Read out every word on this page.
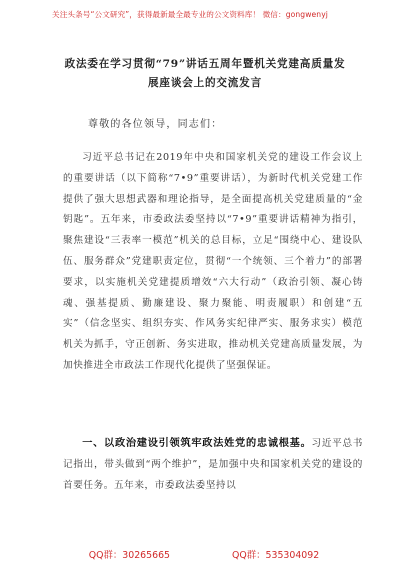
关注头条号“公文研究”，获得最新最全最专业的公文资料库！ 微信：gongwenyj
政法委在学习贯彻“79”讲话五周年暨机关党建高质量发展座谈会上的交流发言
尊敬的各位领导，同志们：

习近平总书记在2019年中央和国家机关党的建设工作会议上的重要讲话（以下简称“7•9”重要讲话），为新时代机关党建工作提供了强大思想武器和理论指导，是全面提高机关党建质量的“金钥匙”。五年来，市委政法委坚持以“7•9”重要讲话精神为指引，聚焦建设“三表率一模范”机关的总目标，立足“围绕中心、建设队伍、服务群众”党建职责定位，贯彻“一个统领、三个着力”的部署要求，以实施机关党建提质增效“六大行动”（政治引领、凝心铸魂、强基提质、勤廉建设、聚力聚能、明责履职）和创建“五实”（信念坚实、组织夯实、作风务实纪律严实、服务求实）模范机关为抓手，守正创新、务实进取，推动机关党建高质量发展，为加快推进全市政法工作现代化提供了坚强保证。

一、以政治建设引领筑牢政法姓党的忠诚根基。习近平总书记指出，带头做到“两个维护”，是加强中央和国家机关党的建设的首要任务。五年来，市委政法委坚持以

QQ群：30265665	QQ群：535304092
